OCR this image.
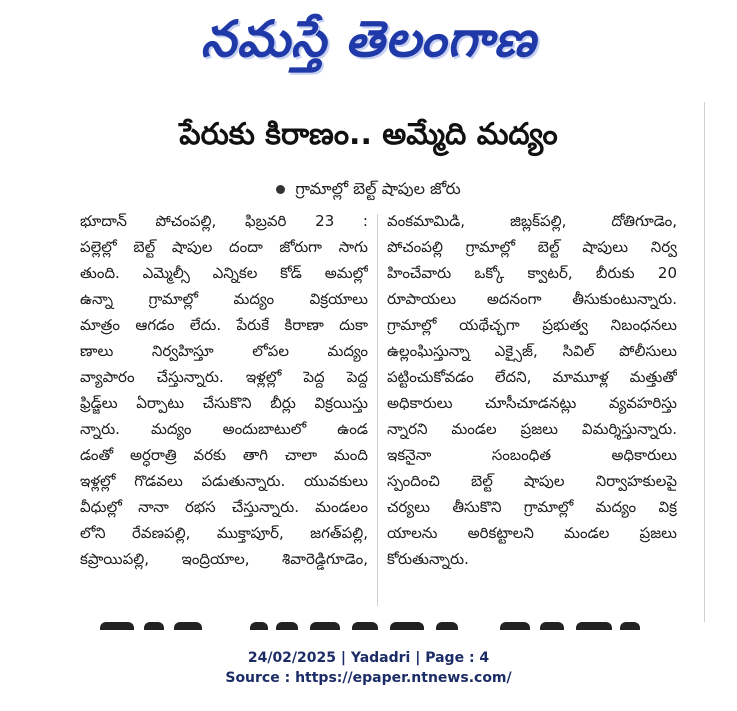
నమస్తే తెలంగాణ
పేరుకు కిరాణం.. అమ్మేది మద్యం
గ్రామాల్లో బెల్ట్ షాపుల జోరు
భూదాన్ పోచంపల్లి, ఫిబ్రవరి 23 :
పల్లెల్లో బెల్ట్ షాపుల దందా జోరుగా సాగు
తుంది. ఎమ్మెల్సీ ఎన్నికల కోడ్ అమల్లో
ఉన్నా గ్రామాల్లో మద్యం విక్రయాలు
మాత్రం ఆగడం లేదు. పేరుకే కిరాణా దుకా
ణాలు నిర్వహిస్తూ లోపల మద్యం
వ్యాపారం చేస్తున్నారు. ఇళ్లల్లో పెద్ద పెద్ద
ఫ్రిడ్జ్‌లు ఏర్పాటు చేసుకొని బీర్లు విక్రయిస్తు
న్నారు. మద్యం అందుబాటులో ఉండ
డంతో అర్ధరాత్రి వరకు తాగి చాలా మంది
ఇళ్లల్లో గొడవలు పడుతున్నారు. యువకులు
వీధుల్లో నానా రభస చేస్తున్నారు. మండలం
లోని రేవణపల్లి, ముక్తాపూర్, జగత్‌పల్లి,
కప్రాయిపల్లి, ఇంద్రియాల, శివారెడ్డిగూడెం,
వంకమామిడి, జిబ్లక్‌పల్లి, దోతిగూడెం,
పోచంపల్లి గ్రామాల్లో బెల్ట్ షాపులు నిర్వ
హించేవారు ఒక్కో క్వాటర్, బీరుకు 20
రూపాయలు అదనంగా తీసుకుంటున్నారు.
గ్రామాల్లో యథేచ్ఛగా ప్రభుత్వ నిబంధనలు
ఉల్లంఘిస్తున్నా ఎక్సైజ్, సివిల్ పోలీసులు
పట్టించుకోవడం లేదని, మామూళ్ల మత్తుతో
అధికారులు చూసీచూడనట్లు వ్యవహరిస్తు
న్నారని మండల ప్రజలు విమర్శిస్తున్నారు.
ఇకనైనా సంబంధిత అధికారులు
స్పందించి బెల్ట్ షాపుల నిర్వాహకులపై
చర్యలు తీసుకొని గ్రామాల్లో మద్యం విక్ర
యాలను అరికట్టాలని మండల ప్రజలు
కోరుతున్నారు.
24/02/2025 | Yadadri | Page : 4
Source : https://epaper.ntnews.com/
